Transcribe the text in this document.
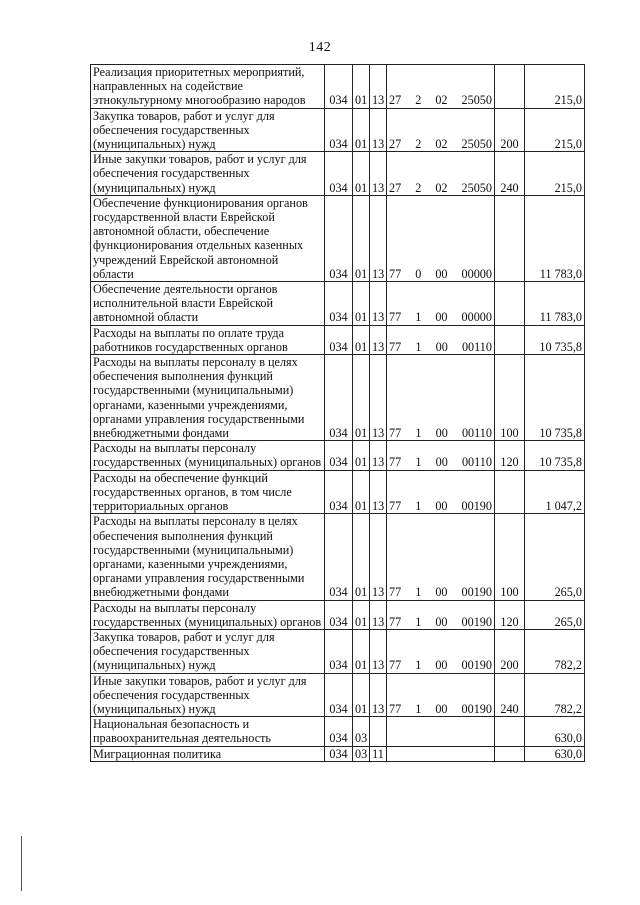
142
Реализация приоритетных мероприятий, направленных на содействие этнокультурному многообразию народов	034	01	13	27 2 02 25050		215,0
Закупка товаров, работ и услуг для обеспечения государственных (муниципальных) нужд	034	01	13	27 2 02 25050	200	215,0
Иные закупки товаров, работ и услуг для обеспечения государственных (муниципальных) нужд	034	01	13	27 2 02 25050	240	215,0
Обеспечение функционирования органов государственной власти Еврейской автономной области, обеспечение функционирования отдельных казенных учреждений Еврейской автономной области	034	01	13	77 0 00 00000		11 783,0
Обеспечение деятельности органов исполнительной власти Еврейской автономной области	034	01	13	77 1 00 00000		11 783,0
Расходы на выплаты по оплате труда работников государственных органов	034	01	13	77 1 00 00110		10 735,8
Расходы на выплаты персоналу в целях обеспечения выполнения функций государственными (муниципальными) органами, казенными учреждениями, органами управления государственными внебюджетными фондами	034	01	13	77 1 00 00110	100	10 735,8
Расходы на выплаты персоналу государственных (муниципальных) органов	034	01	13	77 1 00 00110	120	10 735,8
Расходы на обеспечение функций государственных органов, в том числе территориальных органов	034	01	13	77 1 00 00190		1 047,2
Расходы на выплаты персоналу в целях обеспечения выполнения функций государственными (муниципальными) органами, казенными учреждениями, органами управления государственными внебюджетными фондами	034	01	13	77 1 00 00190	100	265,0
Расходы на выплаты персоналу государственных (муниципальных) органов	034	01	13	77 1 00 00190	120	265,0
Закупка товаров, работ и услуг для обеспечения государственных (муниципальных) нужд	034	01	13	77 1 00 00190	200	782,2
Иные закупки товаров, работ и услуг для обеспечения государственных (муниципальных) нужд	034	01	13	77 1 00 00190	240	782,2
Национальная безопасность и правоохранительная деятельность	034	03				630,0
Миграционная политика	034	03	11			630,0
